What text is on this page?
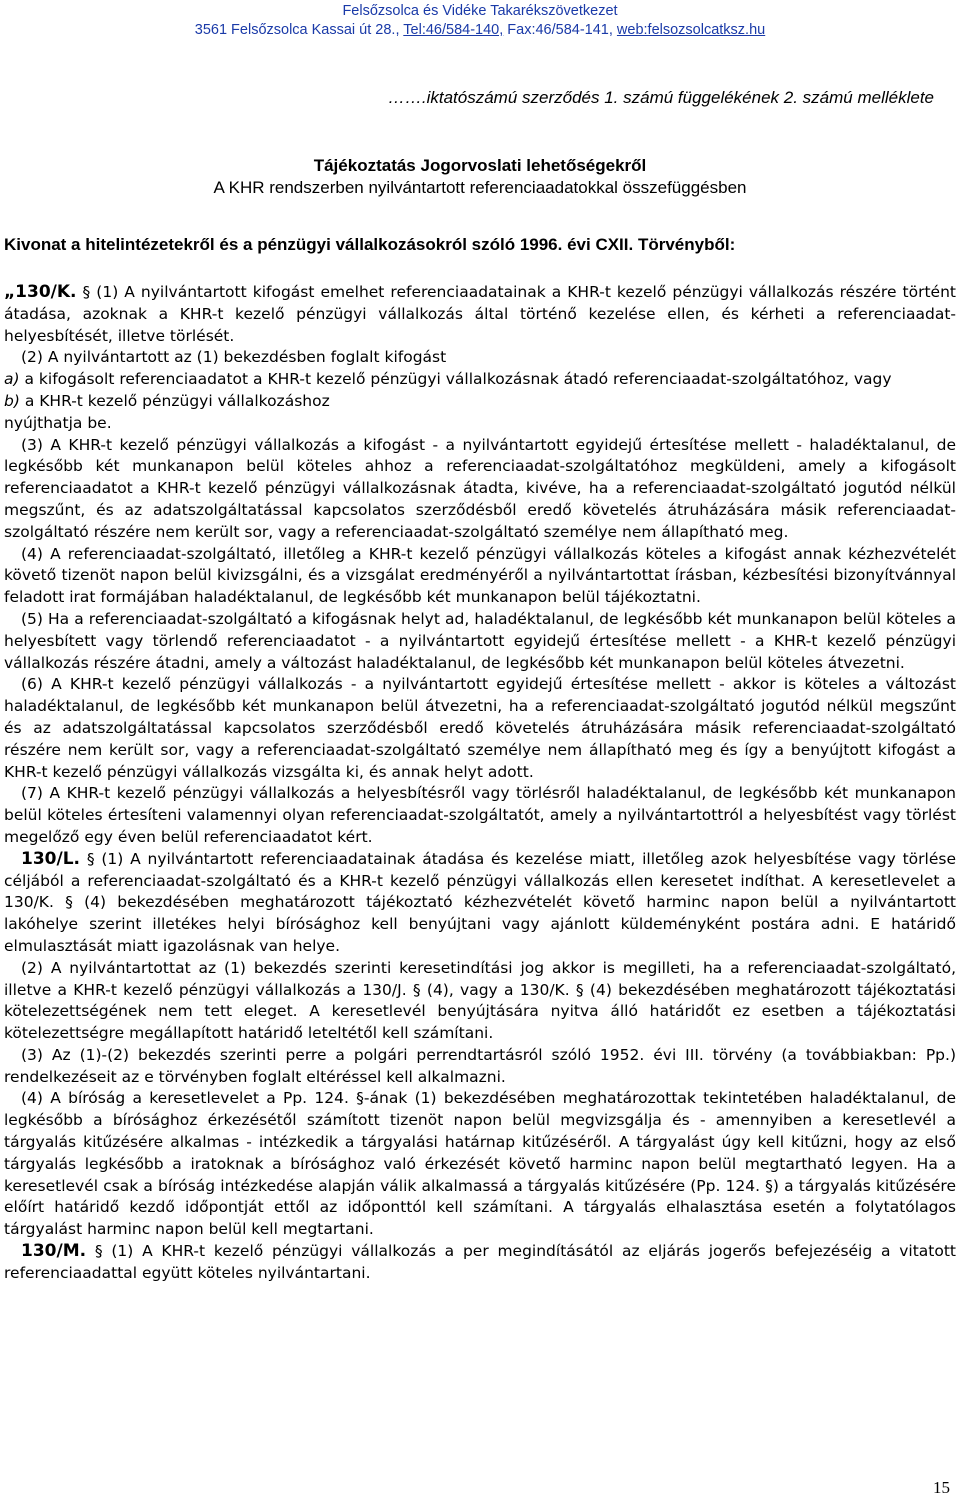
Felsőzsolca és Vidéke Takarékszövetkezet
3561 Felsőzsolca Kassai út 28., Tel:46/584-140, Fax:46/584-141, web:felsozsolcatksz.hu
…….iktatószámú szerződés 1. számú függelékének 2. számú melléklete
Tájékoztatás Jogorvoslati lehetőségekről
A KHR rendszerben nyilvántartott referenciaadatokkal összefüggésben
Kivonat a hitelintézetekről és a pénzügyi vállalkozásokról szóló 1996. évi CXII. Törvényből:

„130/K. § (1) A nyilvántartott kifogást emelhet referenciaadatainak a KHR-t kezelő pénzügyi vállalkozás részére történt átadása, azoknak a KHR-t kezelő pénzügyi vállalkozás által történő kezelése ellen, és kérheti a referenciaadat-helyesbítését, illetve törlését.

(2) A nyilvántartott az (1) bekezdésben foglalt kifogást

a) a kifogásolt referenciaadatot a KHR-t kezelő pénzügyi vállalkozásnak átadó referenciaadat-szolgáltatóhoz, vagy

b) a KHR-t kezelő pénzügyi vállalkozáshoz

nyújthatja be.

(3) A KHR-t kezelő pénzügyi vállalkozás a kifogást - a nyilvántartott egyidejű értesítése mellett - haladéktalanul, de legkésőbb két munkanapon belül köteles ahhoz a referenciaadat-szolgáltatóhoz megküldeni, amely a kifogásolt referenciaadatot a KHR-t kezelő pénzügyi vállalkozásnak átadta, kivéve, ha a referenciaadat-szolgáltató jogutód nélkül megszűnt, és az adatszolgáltatással kapcsolatos szerződésből eredő követelés átruházására másik referenciaadat-szolgáltató részére nem került sor, vagy a referenciaadat-szolgáltató személye nem állapítható meg.

(4) A referenciaadat-szolgáltató, illetőleg a KHR-t kezelő pénzügyi vállalkozás köteles a kifogást annak kézhezvételét követő tizenöt napon belül kivizsgálni, és a vizsgálat eredményéről a nyilvántartottat írásban, kézbesítési bizonyítvánnyal feladott irat formájában haladéktalanul, de legkésőbb két munkanapon belül tájékoztatni.

(5) Ha a referenciaadat-szolgáltató a kifogásnak helyt ad, haladéktalanul, de legkésőbb két munkanapon belül köteles a helyesbített vagy törlendő referenciaadatot - a nyilvántartott egyidejű értesítése mellett - a KHR-t kezelő pénzügyi vállalkozás részére átadni, amely a változást haladéktalanul, de legkésőbb két munkanapon belül köteles átvezetni.

(6) A KHR-t kezelő pénzügyi vállalkozás - a nyilvántartott egyidejű értesítése mellett - akkor is köteles a változást haladéktalanul, de legkésőbb két munkanapon belül átvezetni, ha a referenciaadat-szolgáltató jogutód nélkül megszűnt és az adatszolgáltatással kapcsolatos szerződésből eredő követelés átruházására másik referenciaadat-szolgáltató részére nem került sor, vagy a referenciaadat-szolgáltató személye nem állapítható meg és így a benyújtott kifogást a KHR-t kezelő pénzügyi vállalkozás vizsgálta ki, és annak helyt adott.

(7) A KHR-t kezelő pénzügyi vállalkozás a helyesbítésről vagy törlésről haladéktalanul, de legkésőbb két munkanapon belül köteles értesíteni valamennyi olyan referenciaadat-szolgáltatót, amely a nyilvántartottról a helyesbítést vagy törlést megelőző egy éven belül referenciaadatot kért.

130/L. § (1) A nyilvántartott referenciaadatainak átadása és kezelése miatt, illetőleg azok helyesbítése vagy törlése céljából a referenciaadat-szolgáltató és a KHR-t kezelő pénzügyi vállalkozás ellen keresetet indíthat. A keresetlevelet a 130/K. § (4) bekezdésében meghatározott tájékoztató kézhezvételét követő harminc napon belül a nyilvántartott lakóhelye szerint illetékes helyi bírósághoz kell benyújtani vagy ajánlott küldeményként postára adni. E határidő elmulasztását miatt igazolásnak van helye.

(2) A nyilvántartottat az (1) bekezdés szerinti keresetindítási jog akkor is megilleti, ha a referenciaadat-szolgáltató, illetve a KHR-t kezelő pénzügyi vállalkozás a 130/J. § (4), vagy a 130/K. § (4) bekezdésében meghatározott tájékoztatási kötelezettségének nem tett eleget. A keresetlevél benyújtására nyitva álló határidőt ez esetben a tájékoztatási kötelezettségre megállapított határidő leteltétől kell számítani.

(3) Az (1)-(2) bekezdés szerinti perre a polgári perrendtartásról szóló 1952. évi III. törvény (a továbbiakban: Pp.) rendelkezéseit az e törvényben foglalt eltéréssel kell alkalmazni.

(4) A bíróság a keresetlevelet a Pp. 124. §-ának (1) bekezdésében meghatározottak tekintetében haladéktalanul, de legkésőbb a bírósághoz érkezésétől számított tizenöt napon belül megvizsgálja és - amennyiben a keresetlevél a tárgyalás kitűzésére alkalmas - intézkedik a tárgyalási határnap kitűzéséről. A tárgyalást úgy kell kitűzni, hogy az első tárgyalás legkésőbb a iratoknak a bírósághoz való érkezését követő harminc napon belül megtartható legyen. Ha a keresetlevél csak a bíróság intézkedése alapján válik alkalmassá a tárgyalás kitűzésére (Pp. 124. §) a tárgyalás kitűzésére előírt határidő kezdő időpontját ettől az időponttól kell számítani. A tárgyalás elhalasztása esetén a folytatólagos tárgyalást harminc napon belül kell megtartani.

130/M. § (1) A KHR-t kezelő pénzügyi vállalkozás a per megindításától az eljárás jogerős befejezéséig a vitatott referenciaadattal együtt köteles nyilvántartani.

15
